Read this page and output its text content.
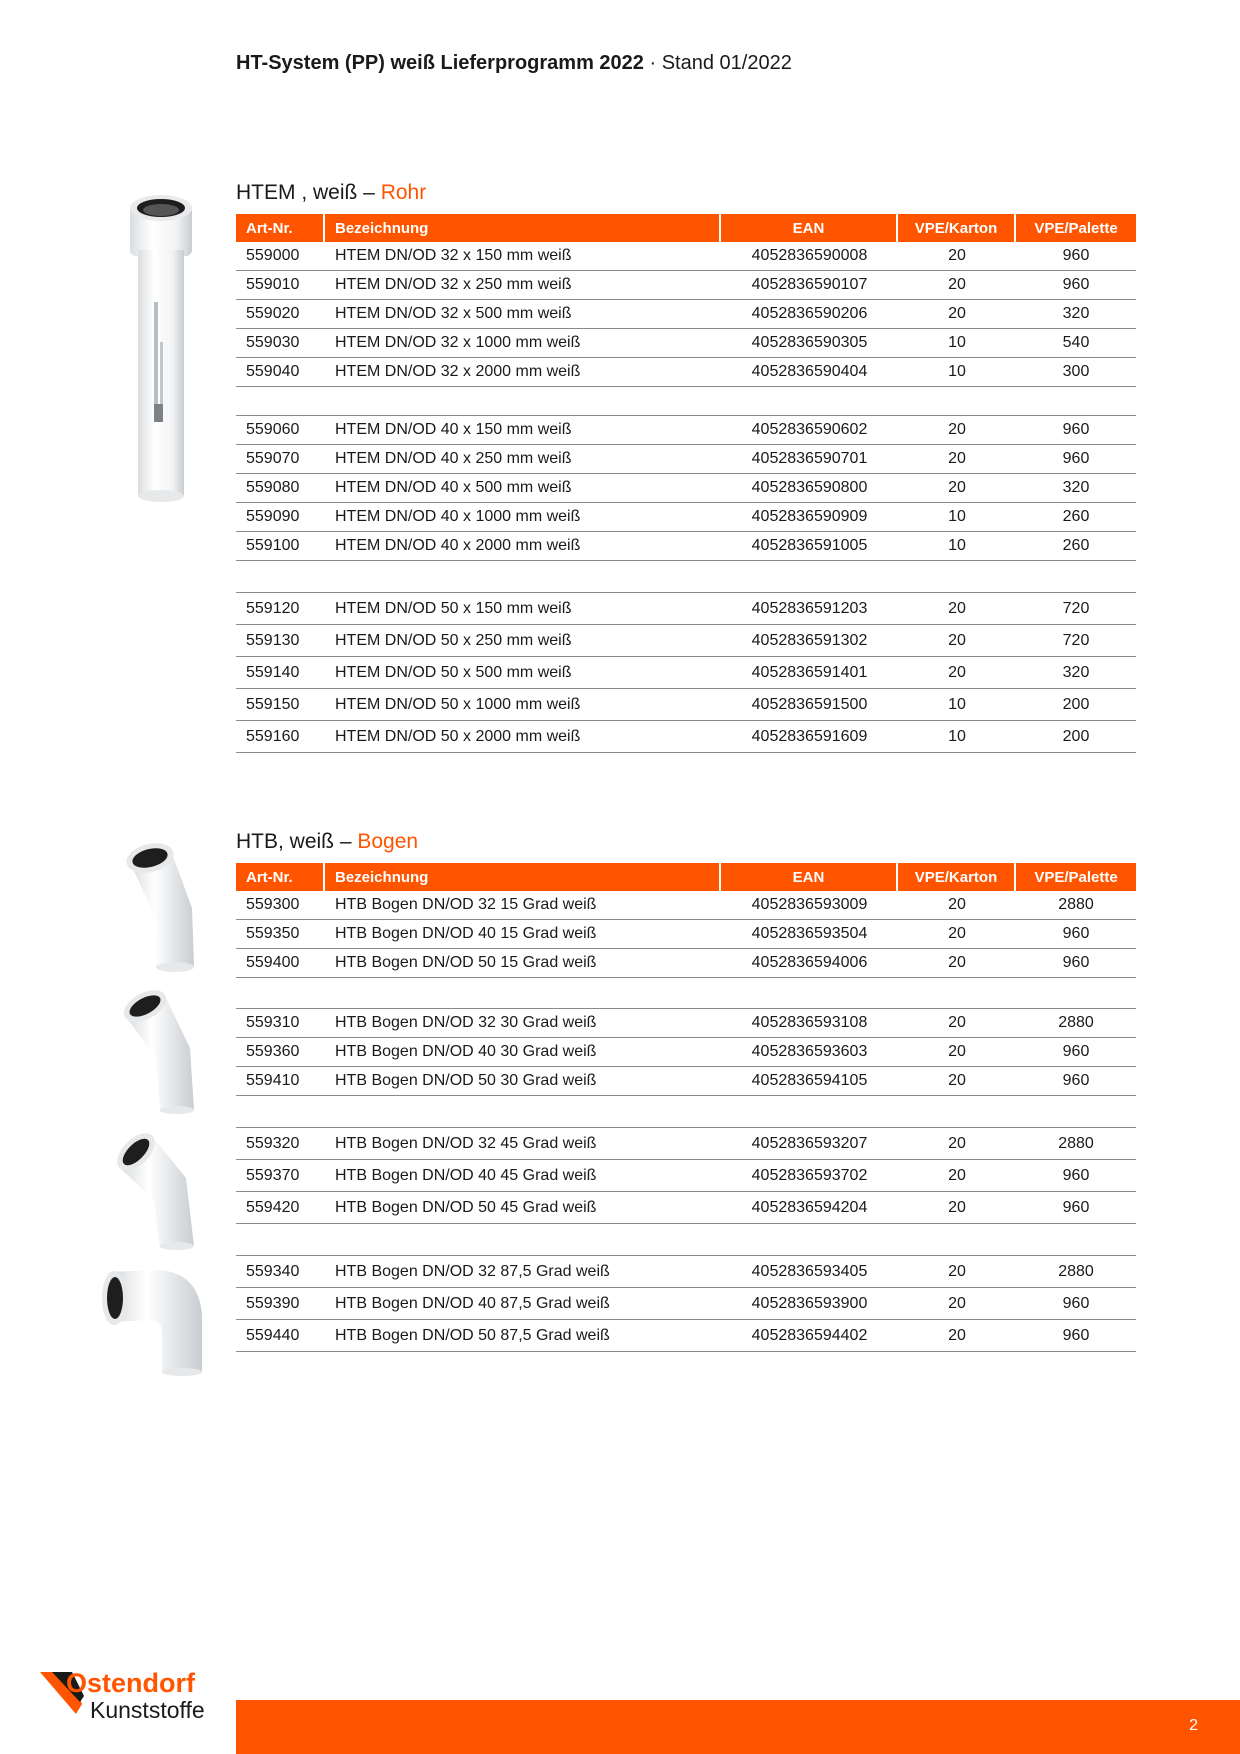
HT-System (PP) weiß Lieferprogramm 2022 · Stand 01/2022
HTEM , weiß – Rohr
Art-Nr.	Bezeichnung	EAN	VPE/Karton	VPE/Palette
559000	HTEM DN/OD 32 x 150 mm weiß	4052836590008	20	960
559010	HTEM DN/OD 32 x 250 mm weiß	4052836590107	20	960
559020	HTEM DN/OD 32 x 500 mm weiß	4052836590206	20	320
559030	HTEM DN/OD 32 x 1000 mm weiß	4052836590305	10	540
559040	HTEM DN/OD 32 x 2000 mm weiß	4052836590404	10	300

559060	HTEM DN/OD 40 x 150 mm weiß	4052836590602	20	960
559070	HTEM DN/OD 40 x 250 mm weiß	4052836590701	20	960
559080	HTEM DN/OD 40 x 500 mm weiß	4052836590800	20	320
559090	HTEM DN/OD 40 x 1000 mm weiß	4052836590909	10	260
559100	HTEM DN/OD 40 x 2000 mm weiß	4052836591005	10	260

559120	HTEM DN/OD 50 x 150 mm weiß	4052836591203	20	720
559130	HTEM DN/OD 50 x 250 mm weiß	4052836591302	20	720
559140	HTEM DN/OD 50 x 500 mm weiß	4052836591401	20	320
559150	HTEM DN/OD 50 x 1000 mm weiß	4052836591500	10	200
559160	HTEM DN/OD 50 x 2000 mm weiß	4052836591609	10	200
HTB, weiß – Bogen
Art-Nr.	Bezeichnung	EAN	VPE/Karton	VPE/Palette
559300	HTB Bogen DN/OD 32 15 Grad weiß	4052836593009	20	2880
559350	HTB Bogen DN/OD 40 15 Grad weiß	4052836593504	20	960
559400	HTB Bogen DN/OD 50 15 Grad weiß	4052836594006	20	960

559310	HTB Bogen DN/OD 32 30 Grad weiß	4052836593108	20	2880
559360	HTB Bogen DN/OD 40 30 Grad weiß	4052836593603	20	960
559410	HTB Bogen DN/OD 50 30 Grad weiß	4052836594105	20	960

559320	HTB Bogen DN/OD 32 45 Grad weiß	4052836593207	20	2880
559370	HTB Bogen DN/OD 40 45 Grad weiß	4052836593702	20	960
559420	HTB Bogen DN/OD 50 45 Grad weiß	4052836594204	20	960

559340	HTB Bogen DN/OD 32 87,5 Grad weiß	4052836593405	20	2880
559390	HTB Bogen DN/OD 40 87,5 Grad weiß	4052836593900	20	960
559440	HTB Bogen DN/OD 50 87,5 Grad weiß	4052836594402	20	960
Ostendorf
Kunststoffe
2
